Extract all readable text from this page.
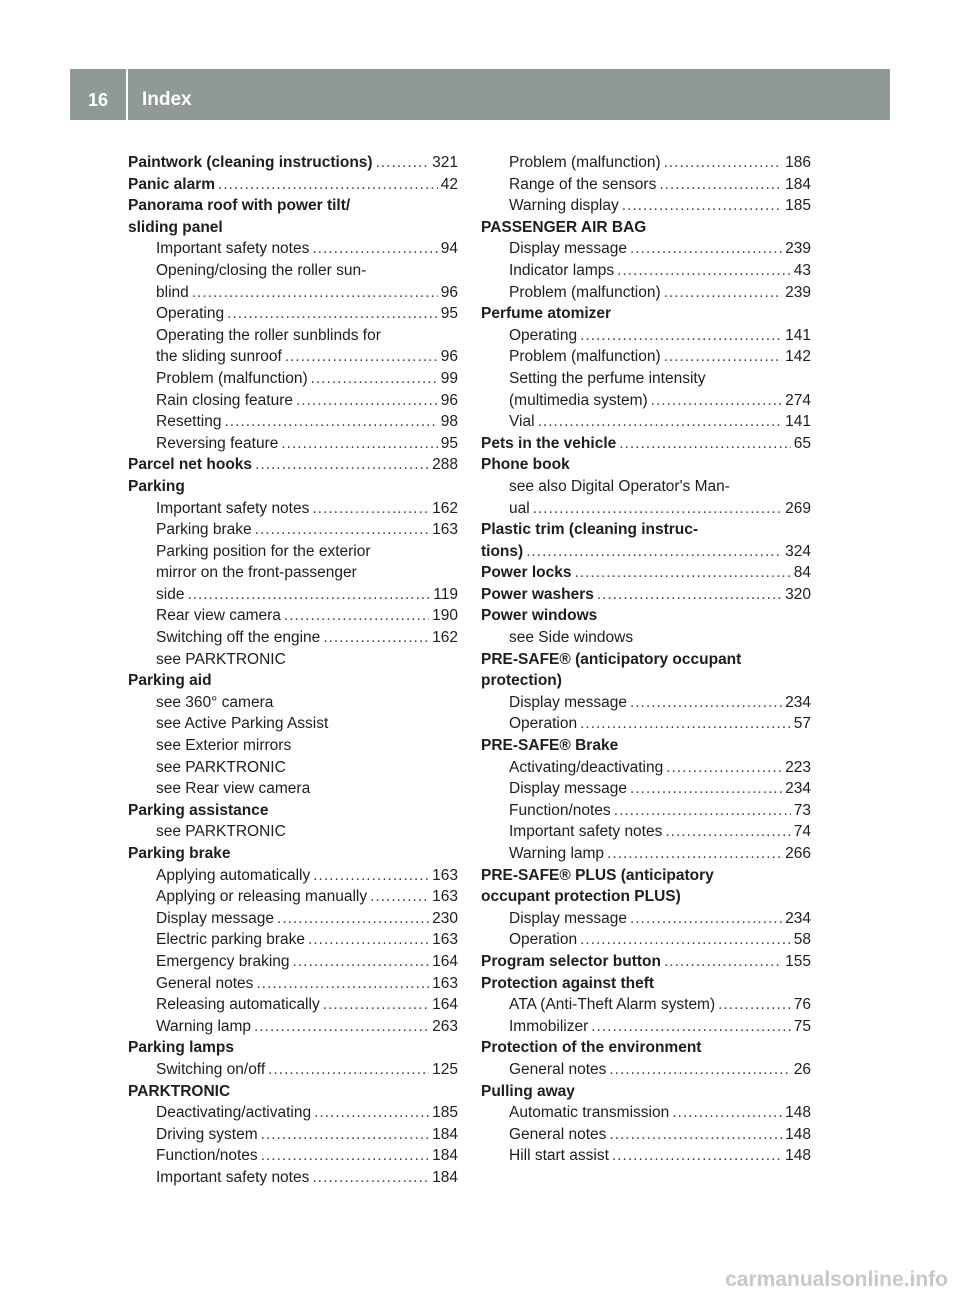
16	Index
Paintwork (cleaning instructions) .....	321
Panic alarm .....	42
Panorama roof with power tilt/
sliding panel
Important safety notes .....	94
Opening/closing the roller sun-
blind .....	96
Operating .....	95
Operating the roller sunblinds for
the sliding sunroof .....	96
Problem (malfunction) .....	99
Rain closing feature .....	96
Resetting .....	98
Reversing feature .....	95
Parcel net hooks .....	288
Parking
Important safety notes .....	162
Parking brake .....	163
Parking position for the exterior
mirror on the front-passenger
side .....	119
Rear view camera .....	190
Switching off the engine .....	162
see PARKTRONIC
Parking aid
see 360° camera
see Active Parking Assist
see Exterior mirrors
see PARKTRONIC
see Rear view camera
Parking assistance
see PARKTRONIC
Parking brake
Applying automatically .....	163
Applying or releasing manually .....	163
Display message .....	230
Electric parking brake .....	163
Emergency braking .....	164
General notes .....	163
Releasing automatically .....	164
Warning lamp .....	263
Parking lamps
Switching on/off .....	125
PARKTRONIC
Deactivating/activating .....	185
Driving system .....	184
Function/notes .....	184
Important safety notes .....	184
Problem (malfunction) .....	186
Range of the sensors .....	184
Warning display .....	185
PASSENGER AIR BAG
Display message .....	239
Indicator lamps .....	43
Problem (malfunction) .....	239
Perfume atomizer
Operating .....	141
Problem (malfunction) .....	142
Setting the perfume intensity
(multimedia system) .....	274
Vial .....	141
Pets in the vehicle .....	65
Phone book
see also Digital Operator's Man-
ual .....	269
Plastic trim (cleaning instruc-
tions) .....	324
Power locks .....	84
Power washers .....	320
Power windows
see Side windows
PRE-SAFE® (anticipatory occupant
protection)
Display message .....	234
Operation .....	57
PRE-SAFE® Brake
Activating/deactivating .....	223
Display message .....	234
Function/notes .....	73
Important safety notes .....	74
Warning lamp .....	266
PRE-SAFE® PLUS (anticipatory
occupant protection PLUS)
Display message .....	234
Operation .....	58
Program selector button .....	155
Protection against theft
ATA (Anti-Theft Alarm system) .....	76
Immobilizer .....	75
Protection of the environment
General notes .....	26
Pulling away
Automatic transmission .....	148
General notes .....	148
Hill start assist .....	148
carmanualsonline.info
